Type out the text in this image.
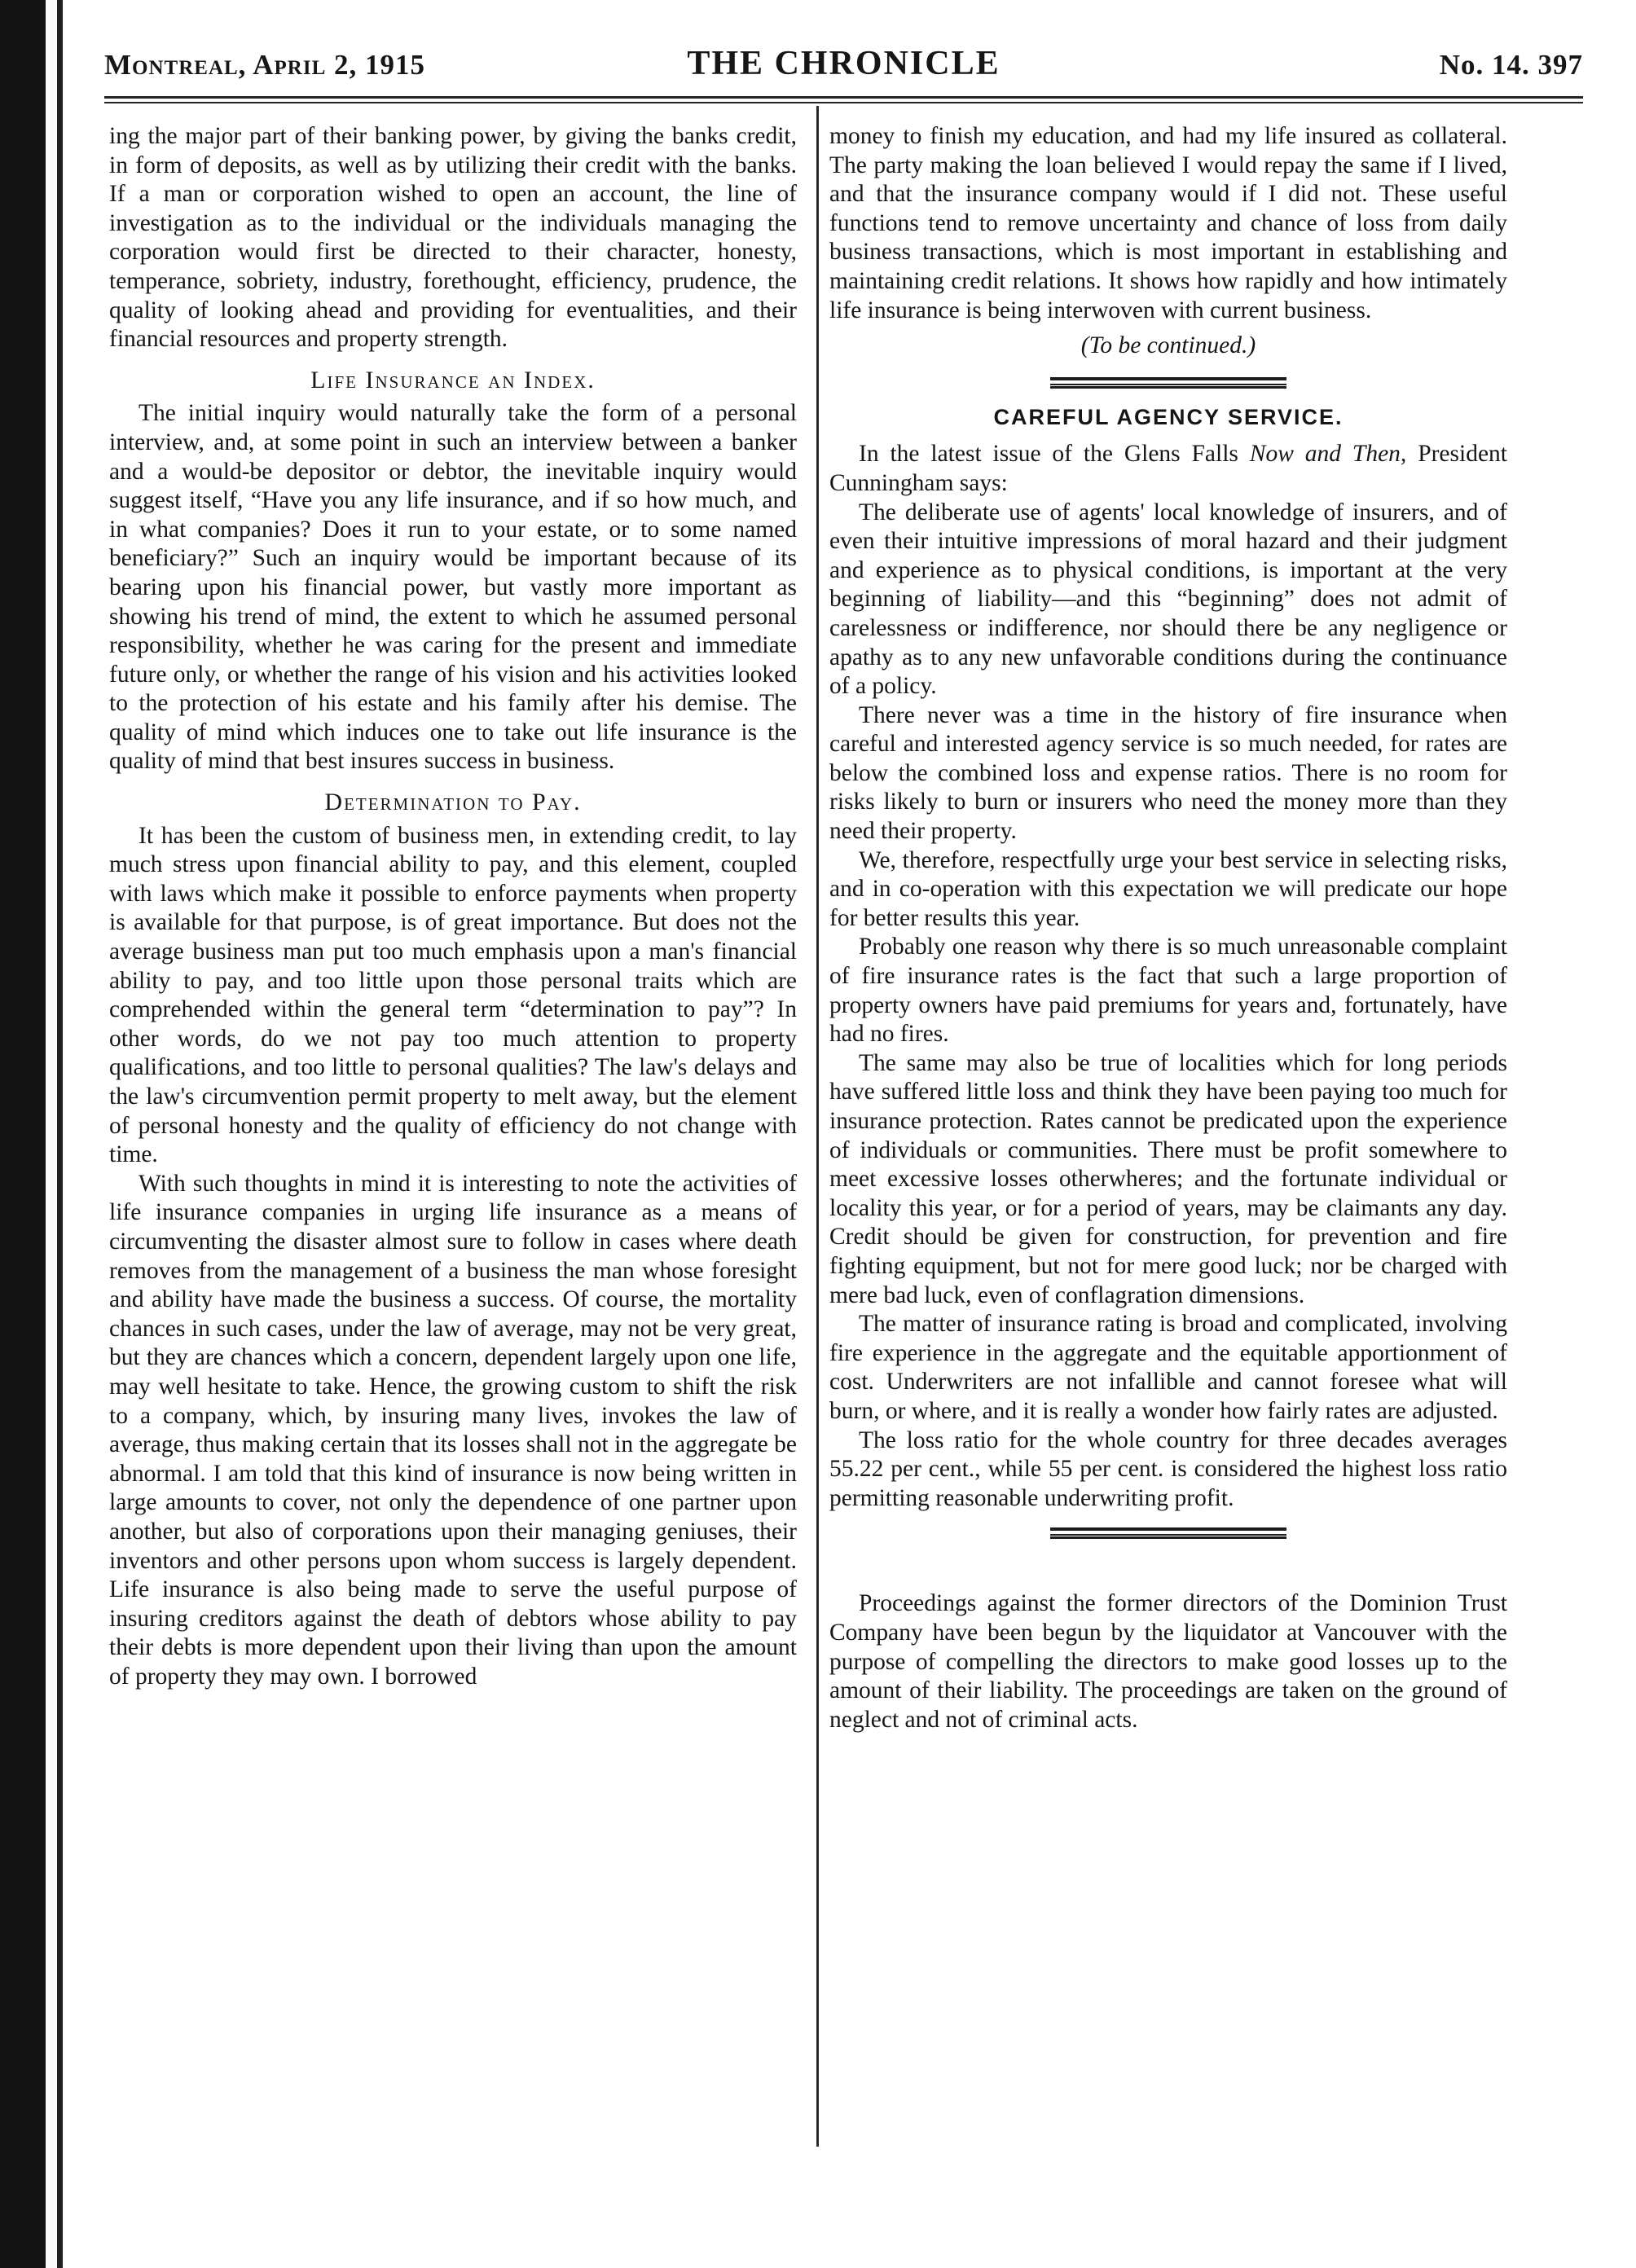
Montreal, April 2, 1915	THE CHRONICLE	No. 14. 397

ing the major part of their banking power, by giving the banks credit, in form of deposits, as well as by utilizing their credit with the banks. If a man or corporation wished to open an account, the line of investigation as to the individual or the individuals managing the corporation would first be directed to their character, honesty, temperance, sobriety, industry, forethought, efficiency, prudence, the quality of looking ahead and providing for eventualities, and their financial resources and property strength.

Life Insurance an Index.

The initial inquiry would naturally take the form of a personal interview, and, at some point in such an interview between a banker and a would-be depositor or debtor, the inevitable inquiry would suggest itself, “Have you any life insurance, and if so how much, and in what companies? Does it run to your estate, or to some named beneficiary?” Such an inquiry would be important because of its bearing upon his financial power, but vastly more important as showing his trend of mind, the extent to which he assumed personal responsibility, whether he was caring for the present and immediate future only, or whether the range of his vision and his activities looked to the protection of his estate and his family after his demise. The quality of mind which induces one to take out life insurance is the quality of mind that best insures success in business.

Determination to Pay.

It has been the custom of business men, in extending credit, to lay much stress upon financial ability to pay, and this element, coupled with laws which make it possible to enforce payments when property is available for that purpose, is of great importance. But does not the average business man put too much emphasis upon a man's financial ability to pay, and too little upon those personal traits which are comprehended within the general term “determination to pay”? In other words, do we not pay too much attention to property qualifications, and too little to personal qualities? The law's delays and the law's circumvention permit property to melt away, but the element of personal honesty and the quality of efficiency do not change with time.

With such thoughts in mind it is interesting to note the activities of life insurance companies in urging life insurance as a means of circumventing the disaster almost sure to follow in cases where death removes from the management of a business the man whose foresight and ability have made the business a success. Of course, the mortality chances in such cases, under the law of average, may not be very great, but they are chances which a concern, dependent largely upon one life, may well hesitate to take. Hence, the growing custom to shift the risk to a company, which, by insuring many lives, invokes the law of average, thus making certain that its losses shall not in the aggregate be abnormal. I am told that this kind of insurance is now being written in large amounts to cover, not only the dependence of one partner upon another, but also of corporations upon their managing geniuses, their inventors and other persons upon whom success is largely dependent. Life insurance is also being made to serve the useful purpose of insuring creditors against the death of debtors whose ability to pay their debts is more dependent upon their living than upon the amount of property they may own. I borrowed

money to finish my education, and had my life insured as collateral. The party making the loan believed I would repay the same if I lived, and that the insurance company would if I did not. These useful functions tend to remove uncertainty and chance of loss from daily business transactions, which is most important in establishing and maintaining credit relations. It shows how rapidly and how intimately life insurance is being interwoven with current business.

(To be continued.)
CAREFUL AGENCY SERVICE.

In the latest issue of the Glens Falls Now and Then, President Cunningham says:

The deliberate use of agents' local knowledge of insurers, and of even their intuitive impressions of moral hazard and their judgment and experience as to physical conditions, is important at the very beginning of liability—and this “beginning” does not admit of carelessness or indifference, nor should there be any negligence or apathy as to any new unfavorable conditions during the continuance of a policy.

There never was a time in the history of fire insurance when careful and interested agency service is so much needed, for rates are below the combined loss and expense ratios. There is no room for risks likely to burn or insurers who need the money more than they need their property.

We, therefore, respectfully urge your best service in selecting risks, and in co-operation with this expectation we will predicate our hope for better results this year.

Probably one reason why there is so much unreasonable complaint of fire insurance rates is the fact that such a large proportion of property owners have paid premiums for years and, fortunately, have had no fires.

The same may also be true of localities which for long periods have suffered little loss and think they have been paying too much for insurance protection. Rates cannot be predicated upon the experience of individuals or communities. There must be profit somewhere to meet excessive losses otherwheres; and the fortunate individual or locality this year, or for a period of years, may be claimants any day. Credit should be given for construction, for prevention and fire fighting equipment, but not for mere good luck; nor be charged with mere bad luck, even of conflagration dimensions.

The matter of insurance rating is broad and complicated, involving fire experience in the aggregate and the equitable apportionment of cost. Underwriters are not infallible and cannot foresee what will burn, or where, and it is really a wonder how fairly rates are adjusted.

The loss ratio for the whole country for three decades averages 55.22 per cent., while 55 per cent. is considered the highest loss ratio permitting reasonable underwriting profit.

Proceedings against the former directors of the Dominion Trust Company have been begun by the liquidator at Vancouver with the purpose of compelling the directors to make good losses up to the amount of their liability. The proceedings are taken on the ground of neglect and not of criminal acts.
